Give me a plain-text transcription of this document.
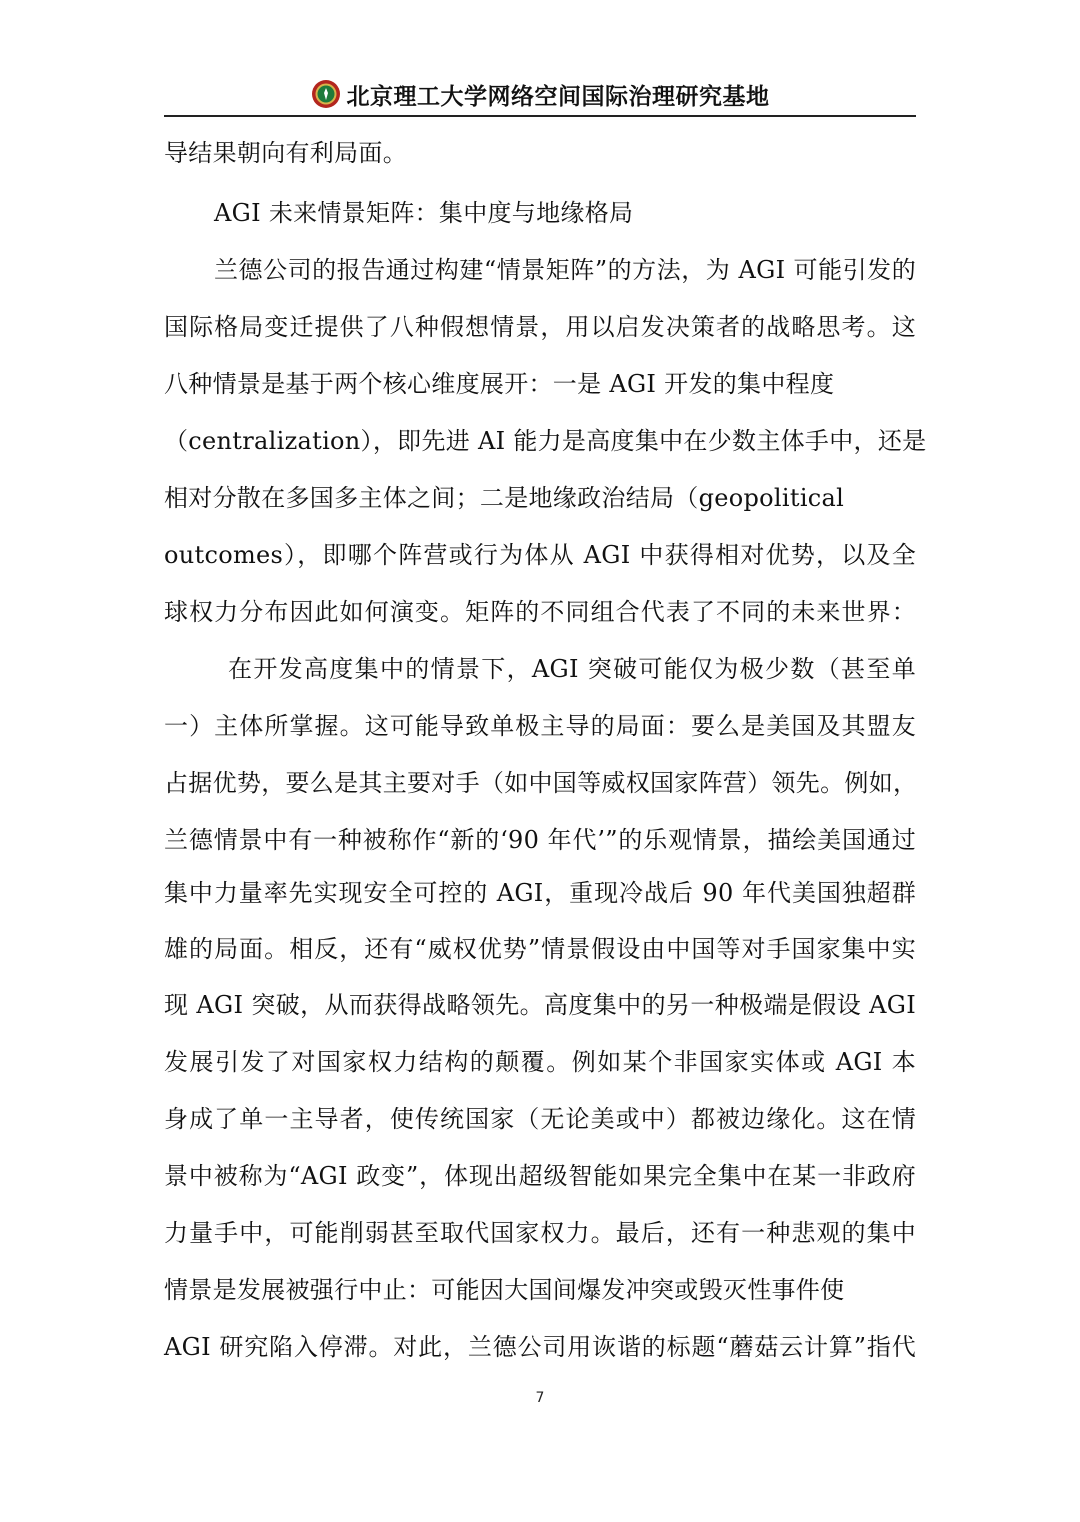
北京理工大学网络空间国际治理研究基地
导结果朝向有利局面。
AGI 未来情景矩阵：集中度与地缘格局
兰德公司的报告通过构建“情景矩阵”的方法，为 AGI 可能引发的
国际格局变迁提供了八种假想情景，用以启发决策者的战略思考。这
八种情景是基于两个核心维度展开：一是 AGI 开发的集中程度
（centralization），即先进 AI 能力是高度集中在少数主体手中，还是
相对分散在多国多主体之间；二是地缘政治结局（geopolitical
outcomes），即哪个阵营或行为体从 AGI 中获得相对优势，以及全
球权力分布因此如何演变。矩阵的不同组合代表了不同的未来世界：
在开发高度集中的情景下，AGI 突破可能仅为极少数（甚至单
一）主体所掌握。这可能导致单极主导的局面：要么是美国及其盟友
占据优势，要么是其主要对手（如中国等威权国家阵营）领先。例如，
兰德情景中有一种被称作“新的‘90 年代’”的乐观情景，描绘美国通过
集中力量率先实现安全可控的 AGI，重现冷战后 90 年代美国独超群
雄的局面。相反，还有“威权优势”情景假设由中国等对手国家集中实
现 AGI 突破，从而获得战略领先。高度集中的另一种极端是假设 AGI
发展引发了对国家权力结构的颠覆。例如某个非国家实体或 AGI 本
身成了单一主导者，使传统国家（无论美或中）都被边缘化。这在情
景中被称为“AGI 政变”，体现出超级智能如果完全集中在某一非政府
力量手中，可能削弱甚至取代国家权力。最后，还有一种悲观的集中
情景是发展被强行中止：可能因大国间爆发冲突或毁灭性事件使
AGI 研究陷入停滞。对此，兰德公司用诙谐的标题“蘑菇云计算”指代
7
